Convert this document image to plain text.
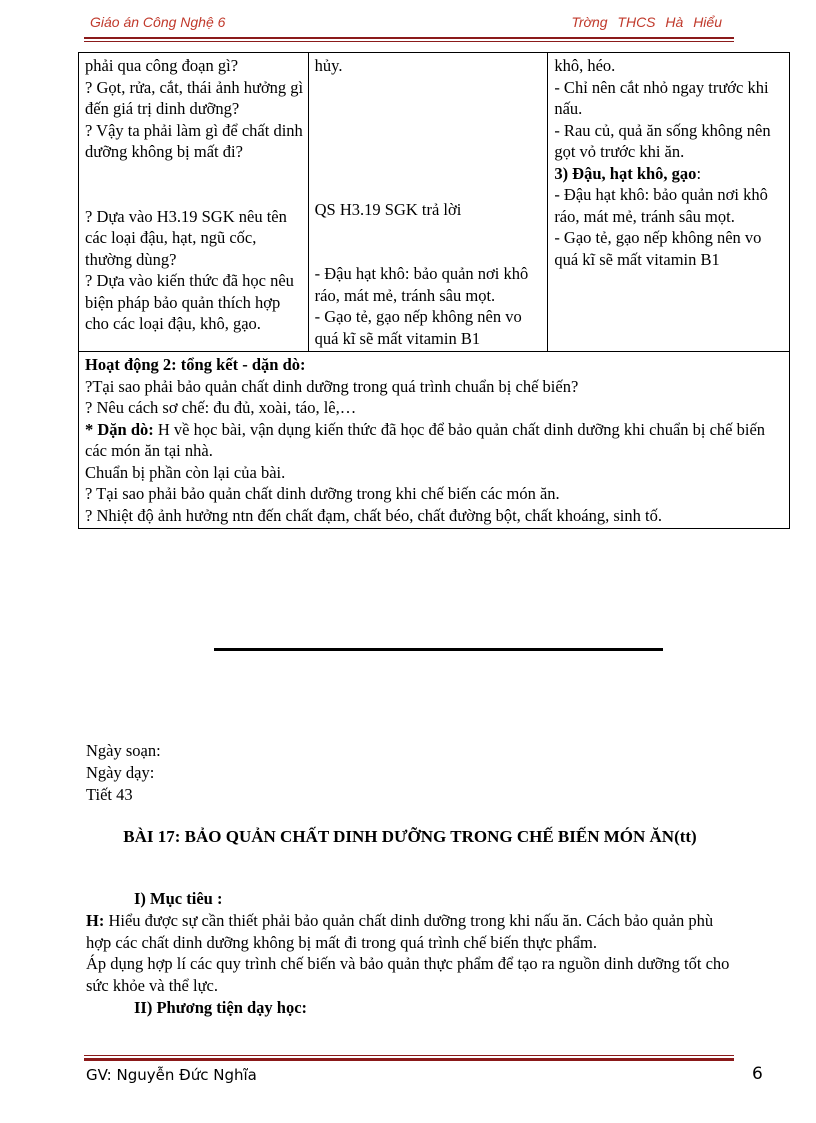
Giáo án Công Nghệ 6	Trờng THCS Hà Hiểu
phải qua công đoạn gì?
? Gọt, rửa, cắt, thái ảnh hưởng gì đến giá trị dinh dưỡng?
? Vậy ta phải làm gì để chất dinh dưỡng không bị mất đi?
? Dựa vào H3.19 SGK nêu tên các loại đậu, hạt, ngũ cốc, thường dùng?
? Dựa vào kiến thức đã học nêu biện pháp bảo quản thích hợp cho các loại đậu, khô, gạo.

hủy.
QS H3.19 SGK trả lời
- Đậu hạt khô: bảo quản nơi khô ráo, mát mẻ, tránh sâu mọt.
- Gạo tẻ, gạo nếp không nên vo quá kĩ sẽ mất vitamin B1

khô, héo.
- Chỉ nên cắt nhỏ ngay trước khi nấu.
- Rau củ, quả ăn sống không nên gọt vỏ trước khi ăn.
3) Đậu, hạt khô, gạo:
- Đậu hạt khô: bảo quản nơi khô ráo, mát mẻ, tránh sâu mọt.
- Gạo tẻ, gạo nếp không nên vo quá kĩ sẽ mất vitamin B1

Hoạt động 2: tổng kết - dặn dò:
?Tại sao phải bảo quản chất dinh dưỡng trong quá trình chuẩn bị chế biến?
? Nêu cách sơ chế: đu đủ, xoài, táo, lê,…
* Dặn dò: H về học bài, vận dụng kiến thức đã học để bảo quản chất dinh dưỡng khi chuẩn bị chế biến các món ăn tại nhà.
Chuẩn bị phần còn lại của bài.
? Tại sao phải bảo quản chất dinh dưỡng trong khi chế biến các món ăn.
? Nhiệt độ ảnh hưởng ntn đến chất đạm, chất béo, chất đường bột, chất khoáng, sinh tố.
Ngày soạn:
Ngày dạy:
Tiết 43
BÀI 17: BẢO QUẢN CHẤT DINH DƯỠNG TRONG CHẾ BIẾN MÓN ĂN(tt)
I) Mục tiêu :
H: Hiểu được sự cần thiết phải bảo quản chất dinh dưỡng trong khi nấu ăn. Cách bảo quản phù hợp các chất dinh dưỡng không bị mất đi trong quá trình chế biến thực phẩm.
Áp dụng hợp lí các quy trình chế biến và bảo quản thực phẩm để tạo ra nguồn dinh dưỡng tốt cho sức khỏe và thể lực.
II) Phương tiện dạy học:
GV: Nguyễn Đức Nghĩa	6
